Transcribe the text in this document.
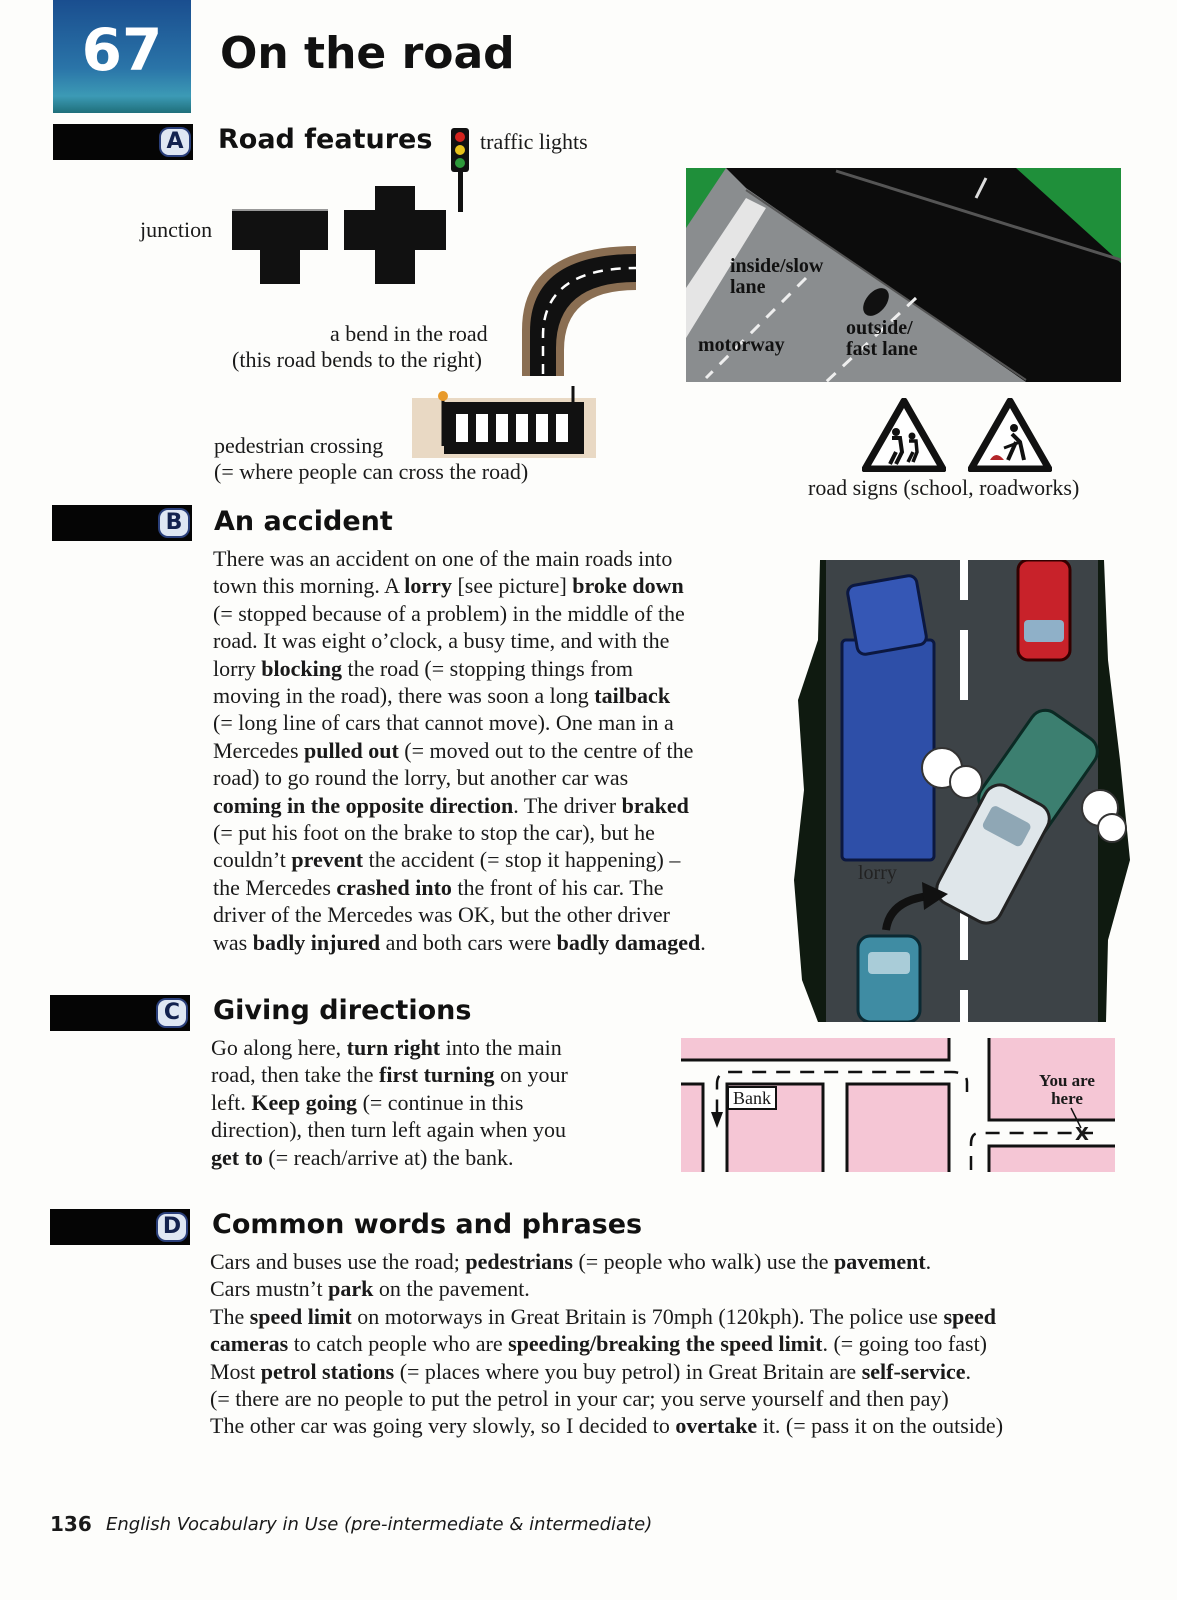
67 On the road
A Road features traffic lights
junction
a bend in the road
(this road bends to the right)
pedestrian crossing
(= where people can cross the road)
inside/slow
lane
motorway
outside/
fast lane
road signs (school, roadworks)
B An accident
There was an accident on one of the main roads into
town this morning. A lorry [see picture] broke down
(= stopped because of a problem) in the middle of the
road. It was eight o’clock, a busy time, and with the
lorry blocking the road (= stopping things from
moving in the road), there was soon a long tailback
(= long line of cars that cannot move). One man in a
Mercedes pulled out (= moved out to the centre of the
road) to go round the lorry, but another car was
coming in the opposite direction. The driver braked
(= put his foot on the brake to stop the car), but he
couldn’t prevent the accident (= stop it happening) –
the Mercedes crashed into the front of his car. The
driver of the Mercedes was OK, but the other driver
was badly injured and both cars were badly damaged.
lorry
C Giving directions
Go along here, turn right into the main
road, then take the first turning on your
left. Keep going (= continue in this
direction), then turn left again when you
get to (= reach/arrive at) the bank.
Bank
You are
here
X
D Common words and phrases
Cars and buses use the road; pedestrians (= people who walk) use the pavement.
Cars mustn’t park on the pavement.
The speed limit on motorways in Great Britain is 70mph (120kph). The police use speed
cameras to catch people who are speeding/breaking the speed limit. (= going too fast)
Most petrol stations (= places where you buy petrol) in Great Britain are self-service.
(= there are no people to put the petrol in your car; you serve yourself and then pay)
The other car was going very slowly, so I decided to overtake it. (= pass it on the outside)
136 English Vocabulary in Use (pre-intermediate & intermediate)
